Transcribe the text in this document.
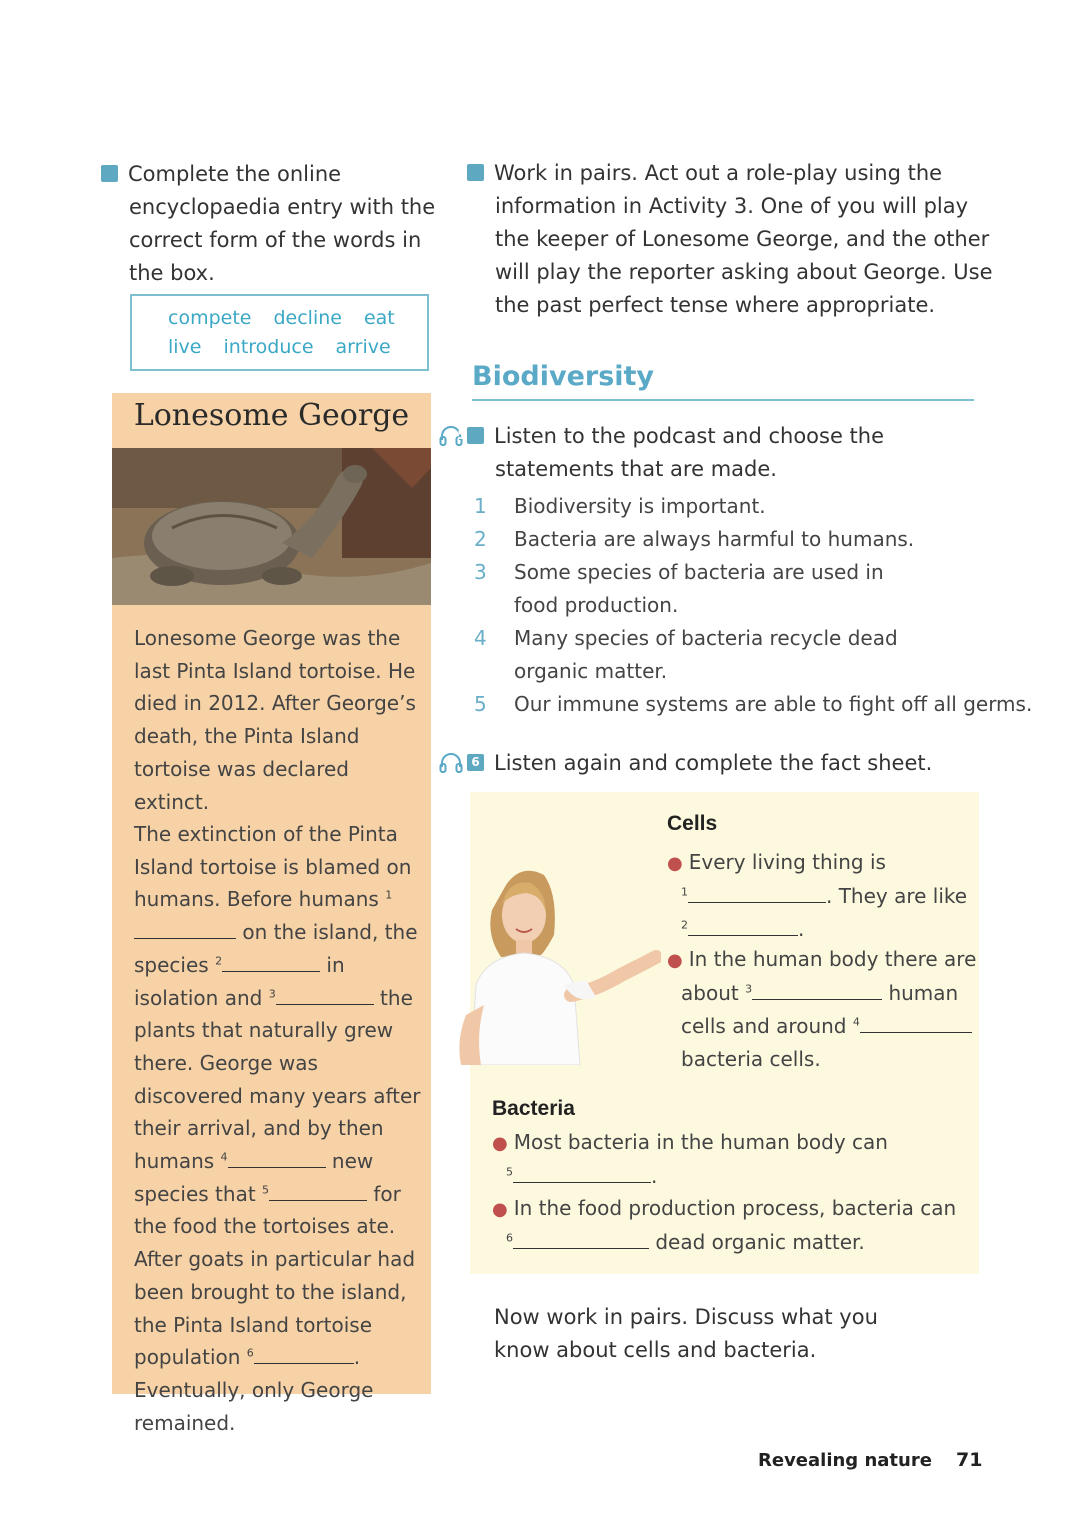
3 Complete the online encyclopaedia entry with the correct form of the words in the box.
compete decline eat
live introduce arrive
Lonesome George
Lonesome George was the last Pinta Island tortoise. He died in 2012. After George’s death, the Pinta Island tortoise was declared extinct.
The extinction of the Pinta Island tortoise is blamed on humans. Before humans $^1$ on the island, the species $^2$	in isolation and $^3$	the plants that naturally grew there. George was discovered many years after their arrival, and by then humans $^4$	new species that $^5$	for the food the tortoises ate. After goats in particular had been brought to the island, the Pinta Island tortoise population $^6$	. Eventually, only George remained.
4 Work in pairs. Act out a role-play using the information in Activity 3. One of you will play the keeper of Lonesome George, and the other will play the reporter asking about George. Use the past perfect tense where appropriate.
Biodiversity
5 Listen to the podcast and choose the statements that are made.
1 Biodiversity is important.
2 Bacteria are always harmful to humans.
3 Some species of bacteria are used in food production.
4 Many species of bacteria recycle dead organic matter.
5 Our immune systems are able to fight off all germs.
6 Listen again and complete the fact sheet.
Cells
● Every living thing is
$^1$	. They are like
$^2$	.
● In the human body there are about $^3$	human cells and around $^4$ bacteria cells.
Bacteria
● Most bacteria in the human body can
$^5$	.
● In the food production process, bacteria can
$^6$	dead organic matter.
Now work in pairs. Discuss what you know about cells and bacteria.
Revealing nature 71
